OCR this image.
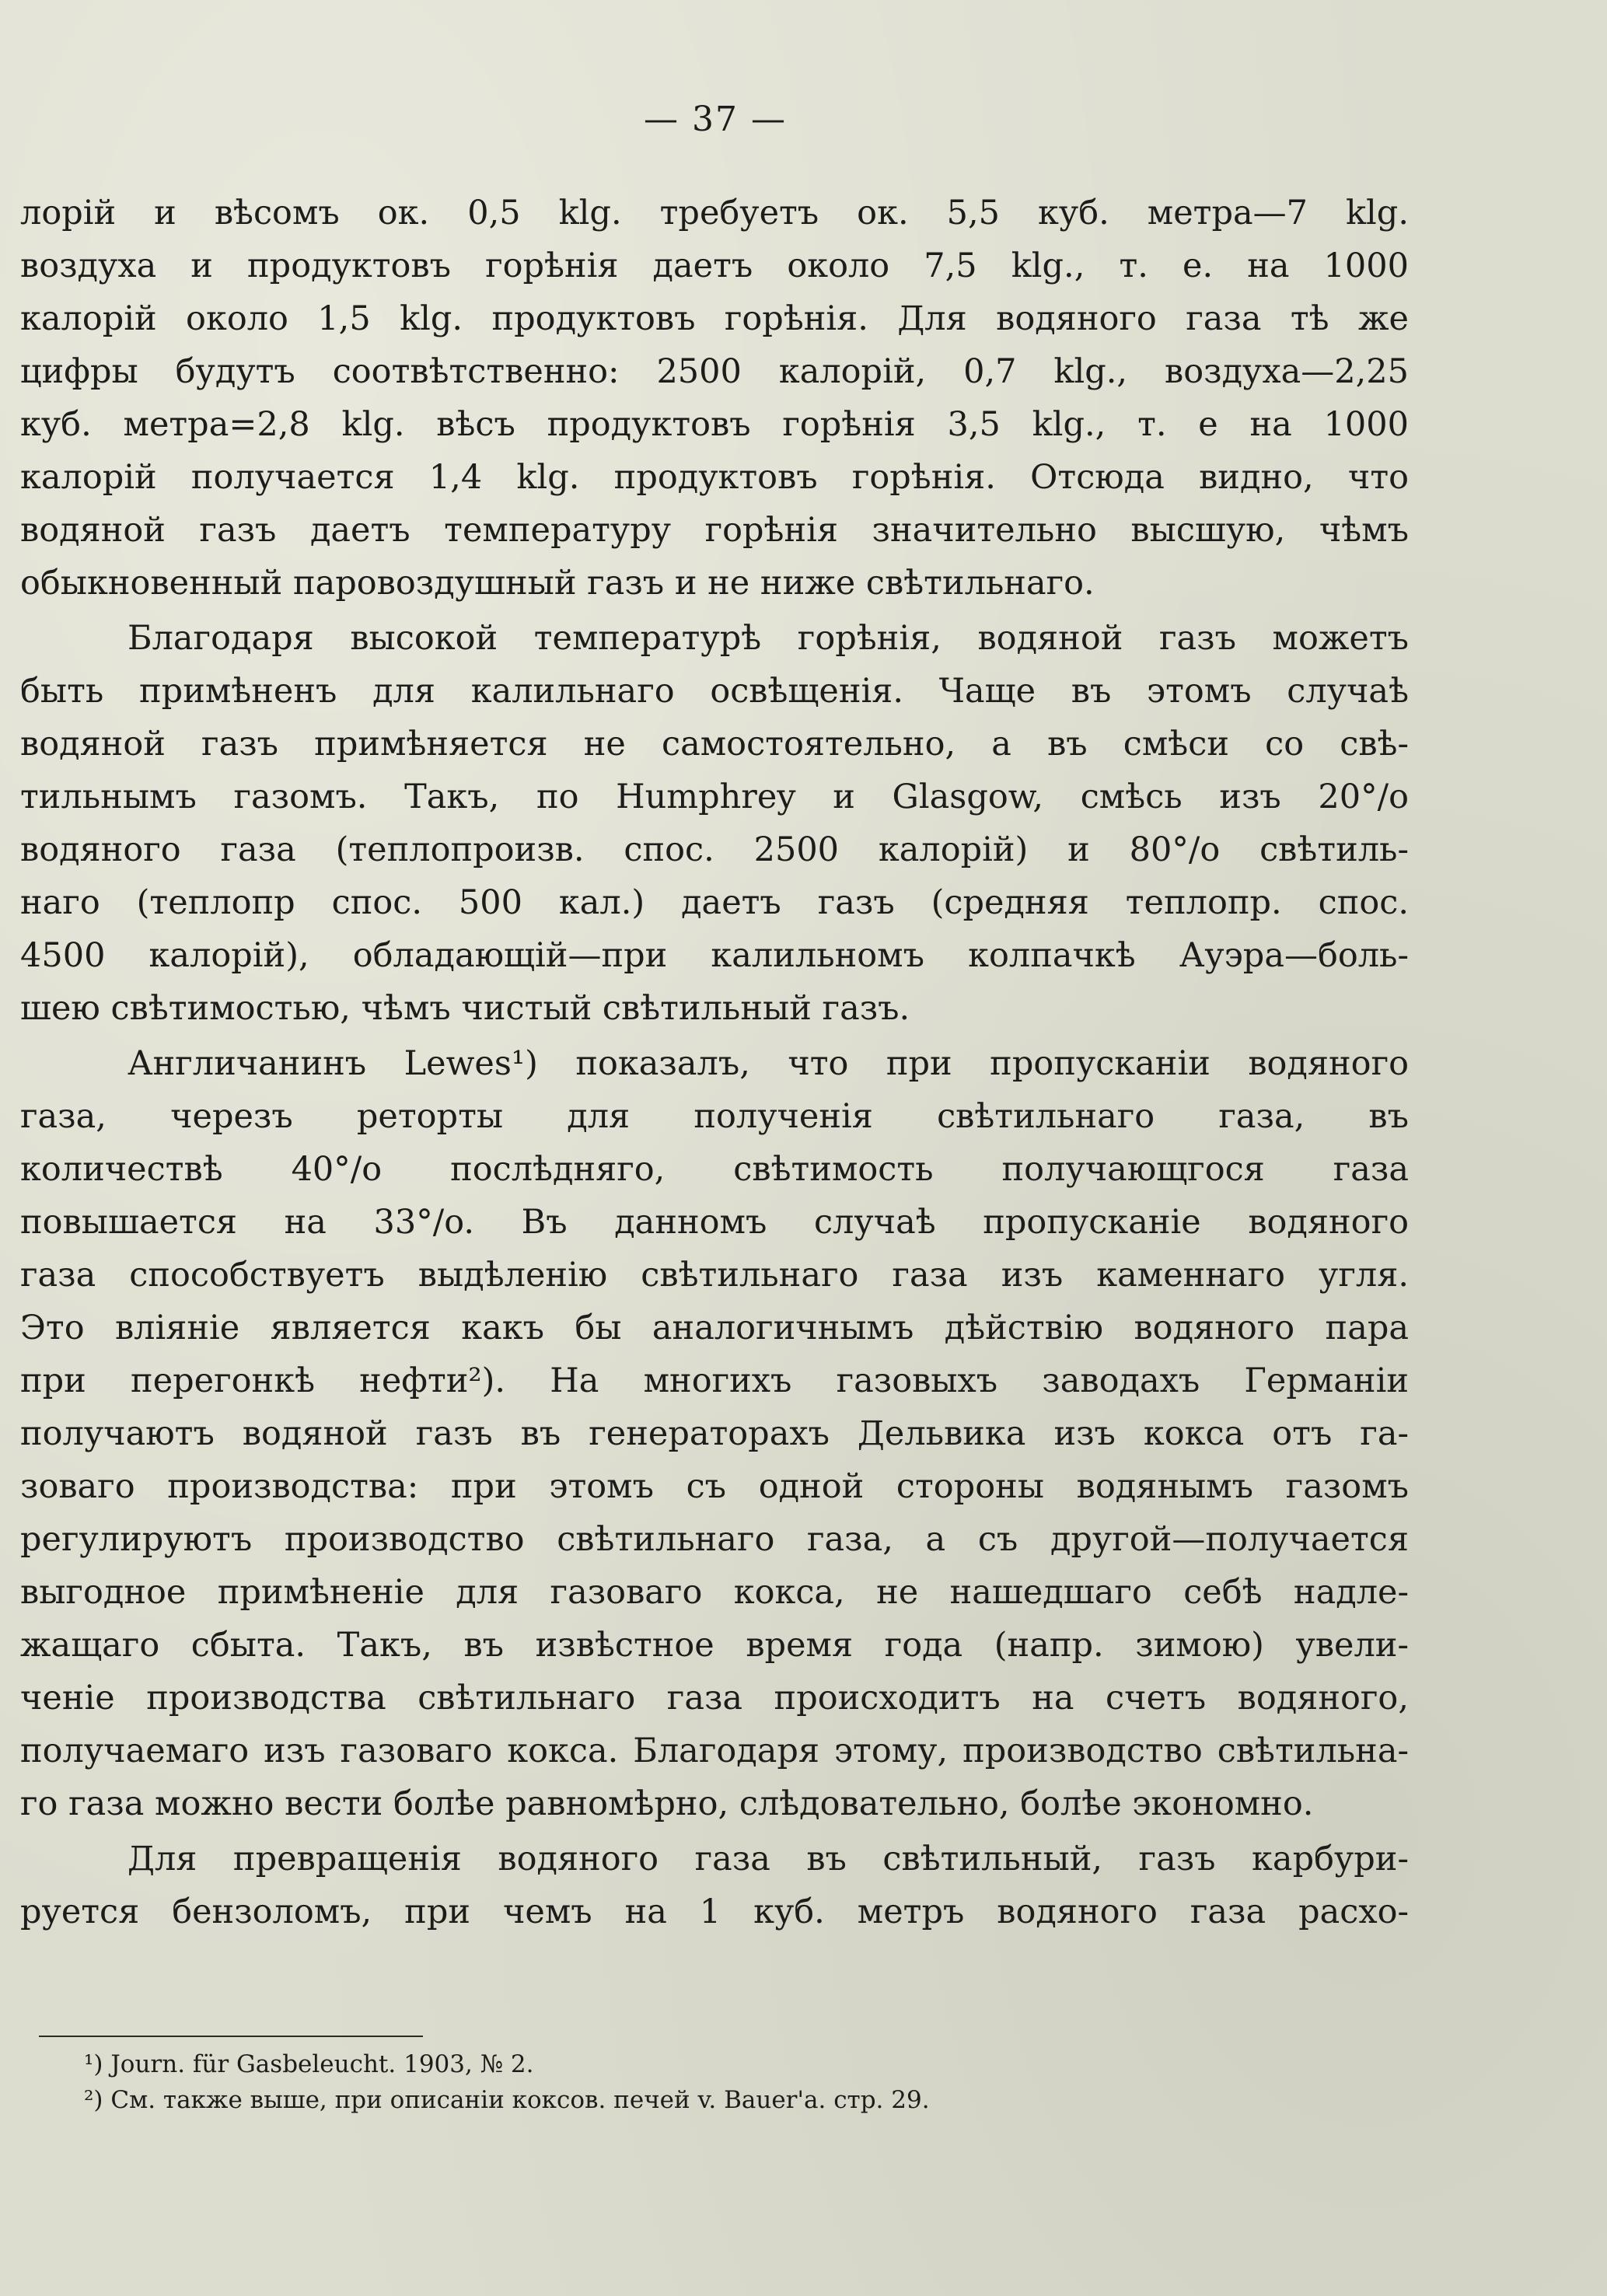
— 37 —
лорій и вѣсомъ ок. 0,5 klg. требуетъ ок. 5,5 куб. метра—7 klg.
воздуха и продуктовъ горѣнія даетъ около 7,5 klg., т. е. на 1000
калорій около 1,5 klg. продуктовъ горѣнія. Для водяного газа тѣ же
цифры будутъ соотвѣтственно: 2500 калорій, 0,7 klg., воздуха—2,25
куб. метра=2,8 klg. вѣсъ продуктовъ горѣнія 3,5 klg., т. е на 1000
калорій получается 1,4 klg. продуктовъ горѣнія. Отсюда видно, что
водяной газъ даетъ температуру горѣнія значительно высшую, чѣмъ
обыкновенный паровоздушный газъ и не ниже свѣтильнаго.
Благодаря высокой температурѣ горѣнія, водяной газъ можетъ
быть примѣненъ для калильнаго освѣщенія. Чаще въ этомъ случаѣ
водяной газъ примѣняется не самостоятельно, а въ смѣси со свѣ-
тильнымъ газомъ. Такъ, по Humphrey и Glasgow, смѣсь изъ 20°/o
водяного газа (теплопроизв. спос. 2500 калорій) и 80°/o свѣтиль-
наго (теплопр спос. 500 кал.) даетъ газъ (средняя теплопр. спос.
4500 калорій), обладающій—при калильномъ колпачкѣ Ауэра—боль-
шею свѣтимостью, чѣмъ чистый свѣтильный газъ.
Англичанинъ Lewes¹) показалъ, что при пропусканіи водяного
газа, черезъ реторты для полученія свѣтильнаго газа, въ
количествѣ 40°/o послѣдняго, свѣтимость получающгося газа
повышается на 33°/o. Въ данномъ случаѣ пропусканіе водяного
газа способствуетъ выдѣленію свѣтильнаго газа изъ каменнаго угля.
Это вліяніе является какъ бы аналогичнымъ дѣйствію водяного пара
при перегонкѣ нефти²). На многихъ газовыхъ заводахъ Германіи
получаютъ водяной газъ въ генераторахъ Дельвика изъ кокса отъ га-
зоваго производства: при этомъ съ одной стороны водянымъ газомъ
регулируютъ производство свѣтильнаго газа, а съ другой—получается
выгодное примѣненіе для газоваго кокса, не нашедшаго себѣ надле-
жащаго сбыта. Такъ, въ извѣстное время года (напр. зимою) увели-
ченіе производства свѣтильнаго газа происходитъ на счетъ водяного,
получаемаго изъ газоваго кокса. Благодаря этому, производство свѣтильна-
го газа можно вести болѣе равномѣрно, слѣдовательно, болѣе экономно.
Для превращенія водяного газа въ свѣтильный, газъ карбури-
руется бензоломъ, при чемъ на 1 куб. метръ водяного газа расхо-
¹) Journ. für Gasbeleucht. 1903, № 2.
²) См. также выше, при описаніи коксов. печей v. Bauer'a. стр. 29.
